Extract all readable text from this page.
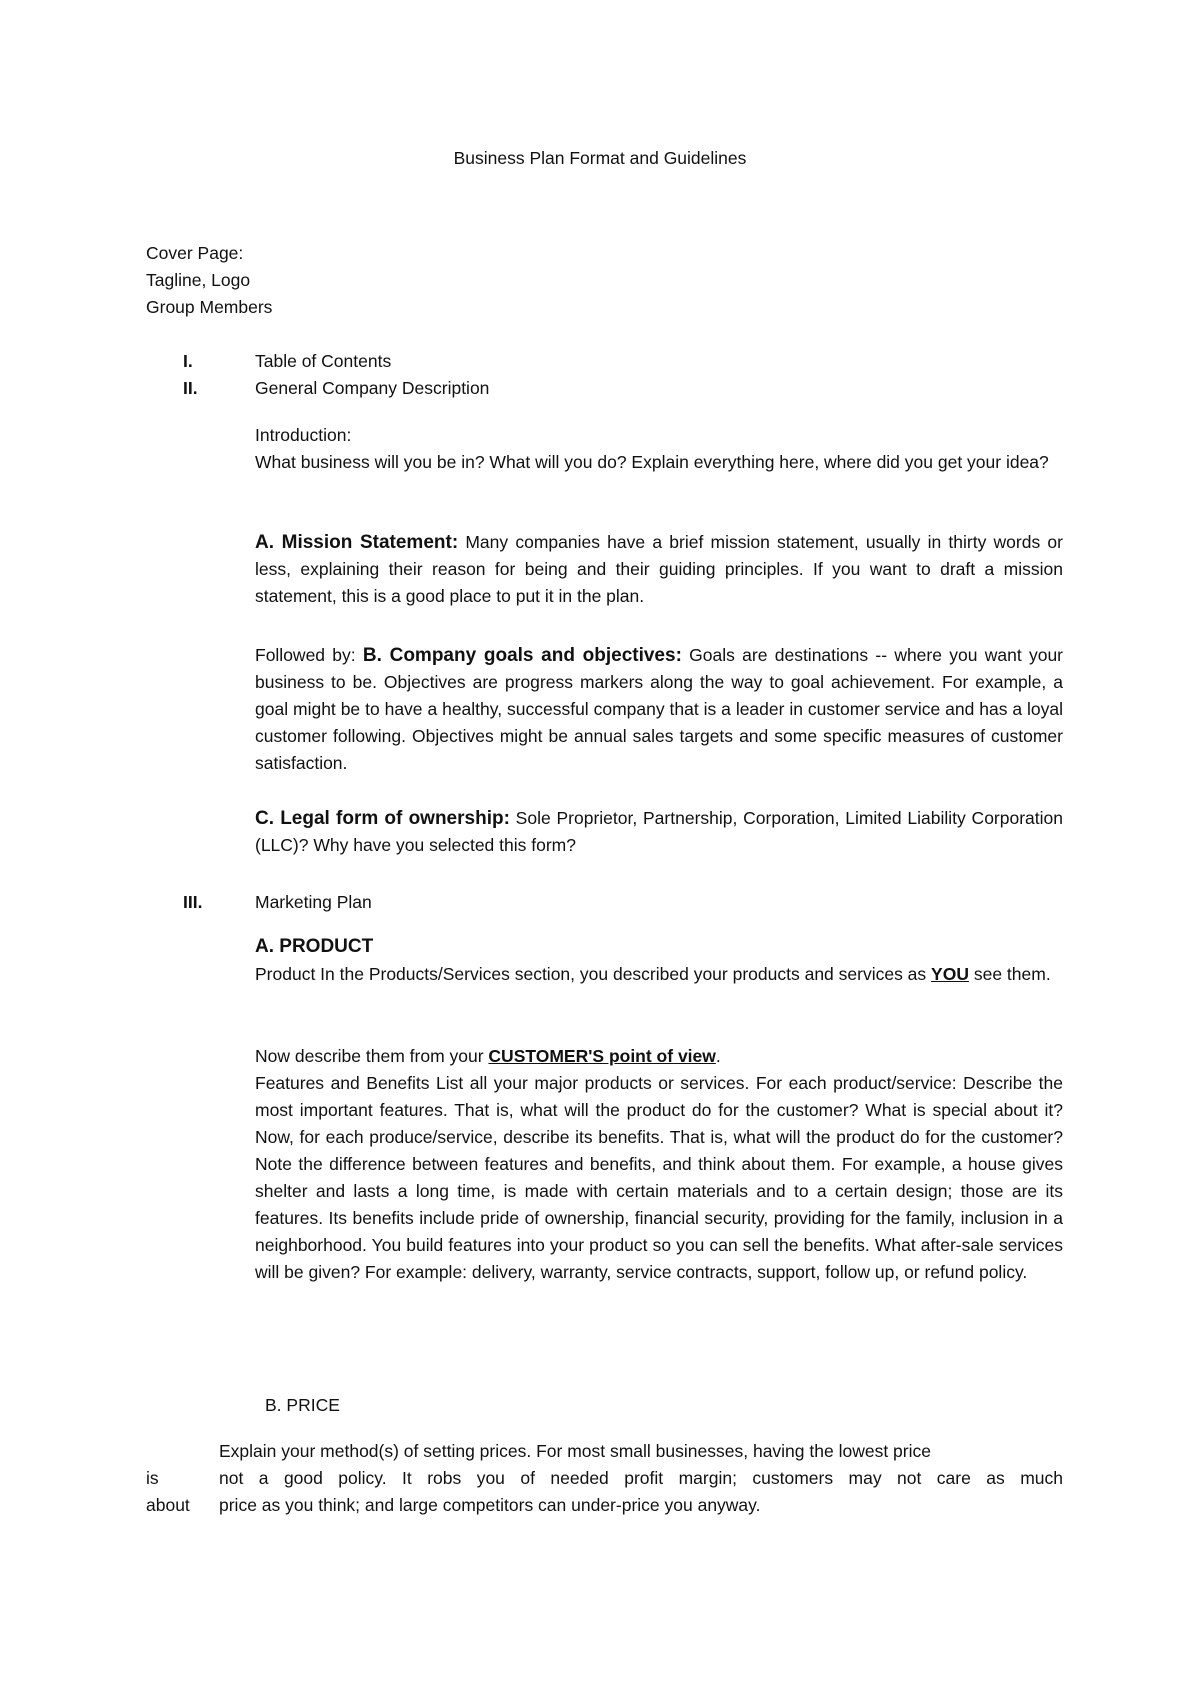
Business Plan Format and Guidelines
Cover Page:
Tagline, Logo
Group Members
I.	Table of Contents
II.	General Company Description
Introduction:
What business will you be in? What will you do? Explain everything here, where did you get your idea?
A. Mission Statement: Many companies have a brief mission statement, usually in thirty words or less, explaining their reason for being and their guiding principles. If you want to draft a mission statement, this is a good place to put it in the plan.
Followed by: B. Company goals and objectives: Goals are destinations -- where you want your business to be. Objectives are progress markers along the way to goal achievement. For example, a goal might be to have a healthy, successful company that is a leader in customer service and has a loyal customer following. Objectives might be annual sales targets and some specific measures of customer satisfaction.
C. Legal form of ownership: Sole Proprietor, Partnership, Corporation, Limited Liability Corporation (LLC)? Why have you selected this form?
III.	Marketing Plan
A. PRODUCT
Product In the Products/Services section, you described your products and services as YOU see them.
Now describe them from your CUSTOMER'S point of view.
Features and Benefits List all your major products or services. For each product/service: Describe the most important features. That is, what will the product do for the customer? What is special about it? Now, for each produce/service, describe its benefits. That is, what will the product do for the customer? Note the difference between features and benefits, and think about them. For example, a house gives shelter and lasts a long time, is made with certain materials and to a certain design; those are its features. Its benefits include pride of ownership, financial security, providing for the family, inclusion in a neighborhood. You build features into your product so you can sell the benefits. What after-sale services will be given? For example: delivery, warranty, service contracts, support, follow up, or refund policy.
B. PRICE
Explain your method(s) of setting prices. For most small businesses, having the lowest price
is	not a good policy. It robs you of needed profit margin; customers may not care as much
about price as you think; and large competitors can under-price you anyway.
